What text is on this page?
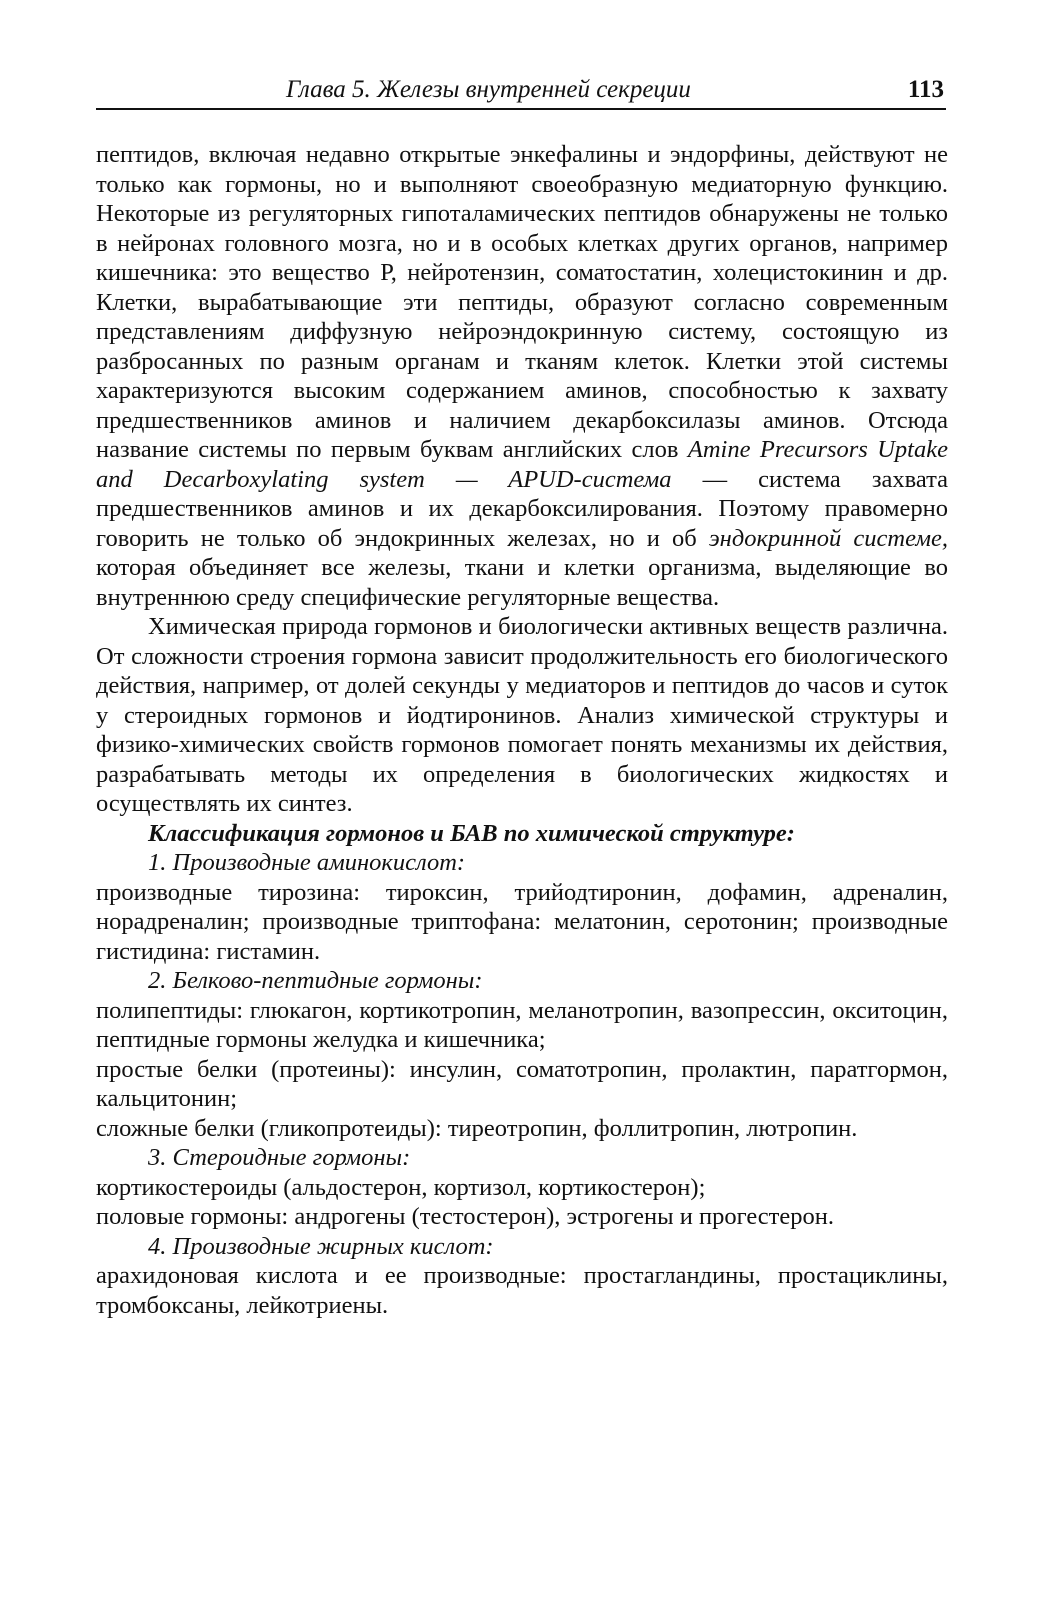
Глава 5. Железы внутренней секреции	113

пептидов, включая недавно открытые энкефалины и эндорфины, действуют не только как гормоны, но и выполняют своеобразную медиаторную функцию. Некоторые из регуляторных гипоталамических пептидов обнаружены не только в нейронах головного мозга, но и в особых клетках других органов, например кишечника: это вещество Р, нейротензин, соматостатин, холецистокинин и др. Клетки, вырабатывающие эти пептиды, образуют согласно современным представлениям диффузную нейроэндокринную систему, состоящую из разбросанных по разным органам и тканям клеток. Клетки этой системы характеризуются высоким содержанием аминов, способностью к захвату предшественников аминов и наличием декарбоксилазы аминов. Отсюда название системы по первым буквам английских слов Amine Precursors Uptake and Decarboxylating system — APUD-система — система захвата предшественников аминов и их декарбоксилирования. Поэтому правомерно говорить не только об эндокринных железах, но и об эндокринной системе, которая объединяет все железы, ткани и клетки организма, выделяющие во внутреннюю среду специфические регуляторные вещества.

Химическая природа гормонов и биологически активных веществ различна. От сложности строения гормона зависит продолжительность его биологического действия, например, от долей секунды у медиаторов и пептидов до часов и суток у стероидных гормонов и йодтиронинов. Анализ химической структуры и физико-химических свойств гормонов помогает понять механизмы их действия, разрабатывать методы их определения в биологических жидкостях и осуществлять их синтез.

Классификация гормонов и БАВ по химической структуре:

1. Производные аминокислот:

производные тирозина: тироксин, трийодтиронин, дофамин, адреналин, норадреналин; производные триптофана: мелатонин, серотонин; производные гистидина: гистамин.

2. Белково-пептидные гормоны:

полипептиды: глюкагон, кортикотропин, меланотропин, вазопрессин, окситоцин, пептидные гормоны желудка и кишечника;

простые белки (протеины): инсулин, соматотропин, пролактин, паратгормон, кальцитонин;

сложные белки (гликопротеиды): тиреотропин, фоллитропин, лютропин.

3. Стероидные гормоны:

кортикостероиды (альдостерон, кортизол, кортикостерон);

половые гормоны: андрогены (тестостерон), эстрогены и прогестерон.

4. Производные жирных кислот:

арахидоновая кислота и ее производные: простагландины, простациклины, тромбоксаны, лейкотриены.
